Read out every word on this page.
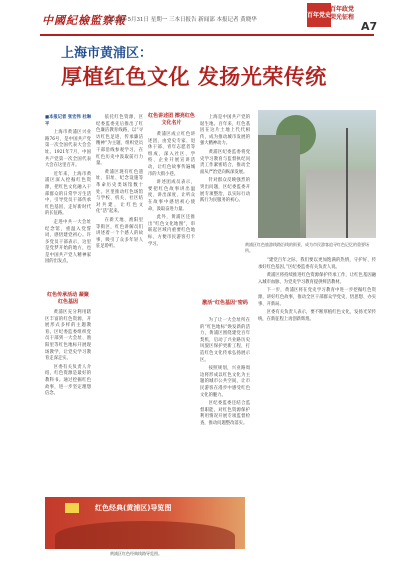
中國紀檢監察報
2021年5月31日 星期一 三本日报告 新闻部 本报记者 黄晓华
百年党史
百年政党
荣光征程
A7
上海市黄浦区：
厚植红色文化 发扬光荣传统

■本报记者 张宏伟 杜琳平

上海市黄浦区兴业路76号，是中国共产党第一次全国代表大会会址。1921年7月，中国共产党第一次全国代表大会在这里召开。

近年来，上海市黄浦区深入挖掘红色资源，把红色文化融入干部群众的日常学习生活中，引导党员干部传承红色基因，走好新时代的长征路。

走进中共一大会址纪念馆，重温入党誓词，感悟建党初心。许多党员干部表示，这里是党梦开始的地方，也是中国共产党人精神家园的出发点。

红色传承活动 凝聚红色基因

黄浦区充分利用辖区丰富的红色资源，开展形式多样的主题教育。区纪委监委组织党员干部到一大会址、渔阳里等红色地标开展现场教学，让党史学习教育走深走实。

区委有关负责人介绍，红色资源是最好的教科书。通过挖掘红色故事，进一步坚定理想信念。

依托红色资源，区纪委监委先后推出了红色廉洁教育线路，以“寻访红色足迹，传承廉洁精神”为主题，组织党员干部沿线参观学习，在红色历史中汲取前行力量。

黄浦区现有红色遗址、旧址、纪念设施等革命历史类场馆数十处。区里推动红色场馆与学校、机关、社区结对共建，让红色文化“活”起来。

在新天地、渔阳里等街区，红色讲解员们讲述着一个个感人的故事，吸引了众多年轻人驻足聆听。

红色讲述团 擦亮红色文化名片

黄浦区成立红色讲述团，由党史专家、退休干部、青年志愿者等组成，深入社区、学校、企业开展宣讲活动，让红色故事传遍城市的大街小巷。

讲述团成员表示，要把红色故事讲出温度、讲出深度，让听众在故事中感悟初心使命，汲取奋进力量。

此外，黄浦区还推出“红色文化地图”，串联起区域内重要红色地标，方便市民游客打卡学习。

上海是中国共产党的诞生地。百年来，红色基因在这片土地上代代相传，成为推动城市发展的强大精神动力。

黄浦区纪委监委将党史学习教育与监督执纪问责工作紧密结合，推动全面从严治党向纵深发展。

针对群众反映强烈的突出问题，区纪委监委开展专项整治，以实际行动践行为民服务的初心。

激活“红色基因”密码
黄浦区红色旅游线路沿线的街景，成为市民游客追寻红色记忆的重要场所。

为了让一大会址所在的“红色地标”焕发新的活力，黄浦区围绕建党百年契机，启动了兴业路历史风貌区保护更新工程，打造红色文化传承弘扬展示区。

按照规划，兴业路周边将形成以红色文化为主题的城市公共空间，让市民游客在漫步中感受红色文化的魅力。

区纪委监委还结合监督职能，对红色资源保护利用情况开展专项监督检查，推动问题整改落实。

“建党百年之际，我们要以更加饱满的热情，守护好、传承好红色基因。”区纪委监委有关负责人说。

黄浦区将持续推进红色资源保护传承工作，让红色基因融入城市血脉，为党史学习教育提供鲜活教材。

下一步，黄浦区将在党史学习教育中进一步挖掘红色资源，讲好红色故事，推动全区干部群众学党史、悟思想、办实事、开新局。

区委有关负责人表示，要不断厚植红色文化，发扬光荣传统，在新征程上再创新辉煌。

红色经典(黄浦区)导览图
黄浦区红色经典线路导览图。
